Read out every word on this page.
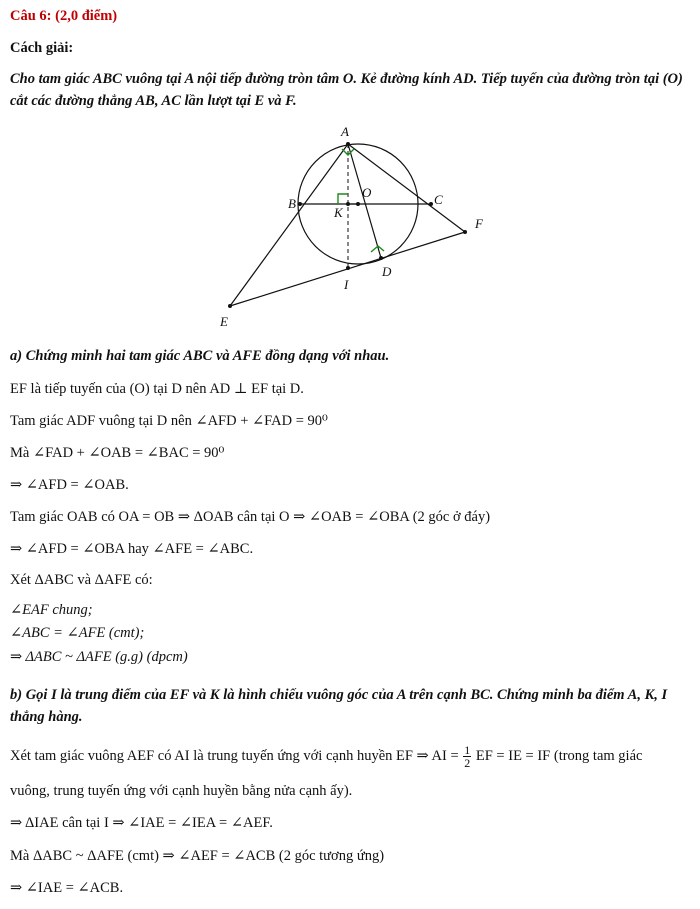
Câu 6: (2,0 điểm)
Cách giải:
Cho tam giác ABC vuông tại A nội tiếp đường tròn tâm O. Kẻ đường kính AD. Tiếp tuyến của đường tròn tại (O) cắt các đường thẳng AB, AC lần lượt tại E và F.
A
B	C
O
K
D
I
E
F
a) Chứng minh hai tam giác ABC và AFE đồng dạng với nhau.
EF là tiếp tuyến của (O) tại D nên AD ⊥ EF tại D.
Tam giác ADF vuông tại D nên ∠AFD + ∠FAD = 90⁰
Mà ∠FAD + ∠OAB = ∠BAC = 90⁰
⇒ ∠AFD = ∠OAB.
Tam giác OAB có OA = OB ⇒ ΔOAB cân tại O ⇒ ∠OAB = ∠OBA (2 góc ở đáy)
⇒ ∠AFD = ∠OBA hay ∠AFE = ∠ABC.
Xét ΔABC và ΔAFE có:
∠EAF chung;
∠ABC = ∠AFE (cmt);
⇒ ΔABC ~ ΔAFE (g.g) (dpcm)
b) Gọi I là trung điểm của EF và K là hình chiếu vuông góc của A trên cạnh BC. Chứng minh ba điểm A, K, I thẳng hàng.
Xét tam giác vuông AEF có AI là trung tuyến ứng với cạnh huyền EF ⇒ AI = $\frac{1}{2}$ EF = IE = IF (trong tam giác
vuông, trung tuyến ứng với cạnh huyền bằng nửa cạnh ấy).
⇒ ΔIAE cân tại I ⇒ ∠IAE = ∠IEA = ∠AEF.
Mà ΔABC ~ ΔAFE (cmt) ⇒ ∠AEF = ∠ACB (2 góc tương ứng)
⇒ ∠IAE = ∠ACB.
